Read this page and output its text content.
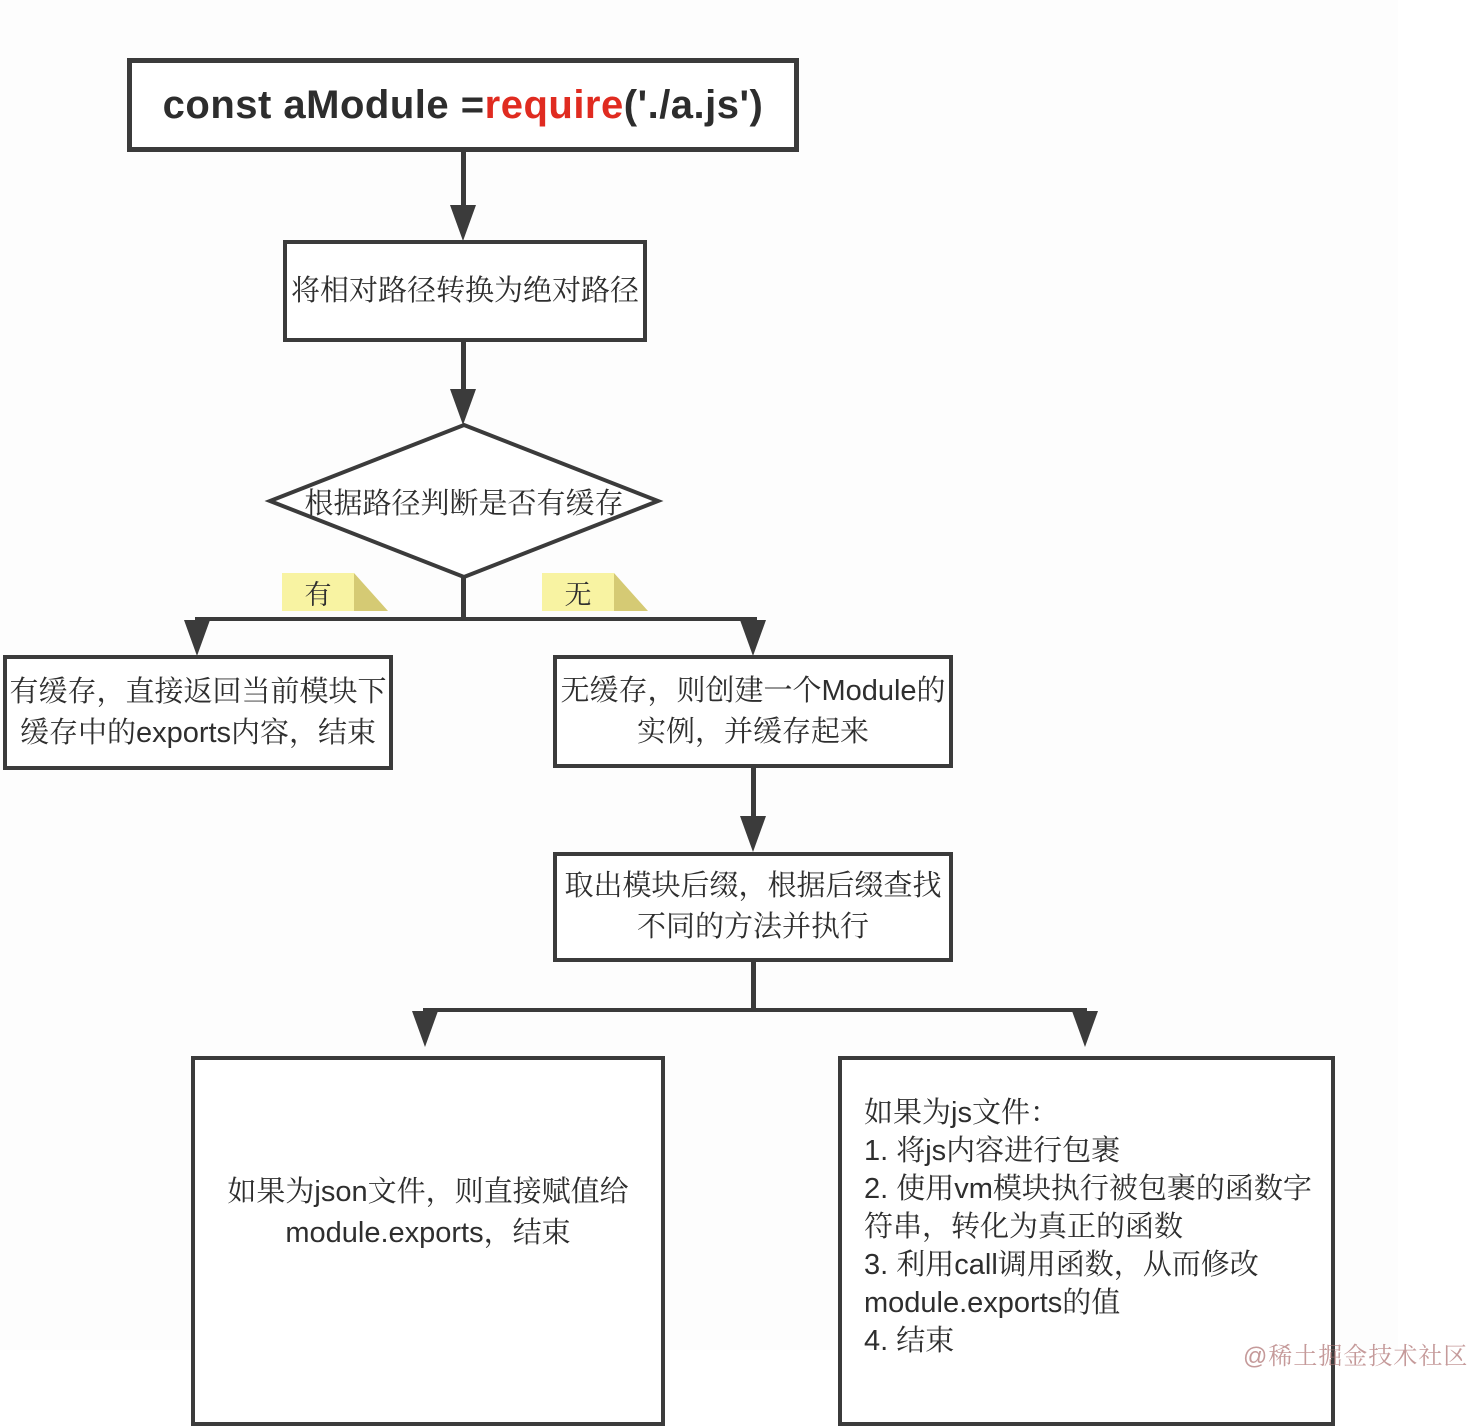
const aModule = require ('./a.js')
将相对路径转换为绝对路径
根据路径判断是否有缓存
有	无
有缓存，直接返回当前模块下
缓存中的exports内容，结束
无缓存，则创建一个Module的
实例，并缓存起来
取出模块后缀，根据后缀查找
不同的方法并执行
如果为json文件，则直接赋值给
module.exports，结束
如果为js文件：
1. 将js内容进行包裹
2. 使用vm模块执行被包裹的函数字符串，转化为真正的函数
3. 利用call调用函数，从而修改module.exports的值
4. 结束	@稀土掘金技术社区
